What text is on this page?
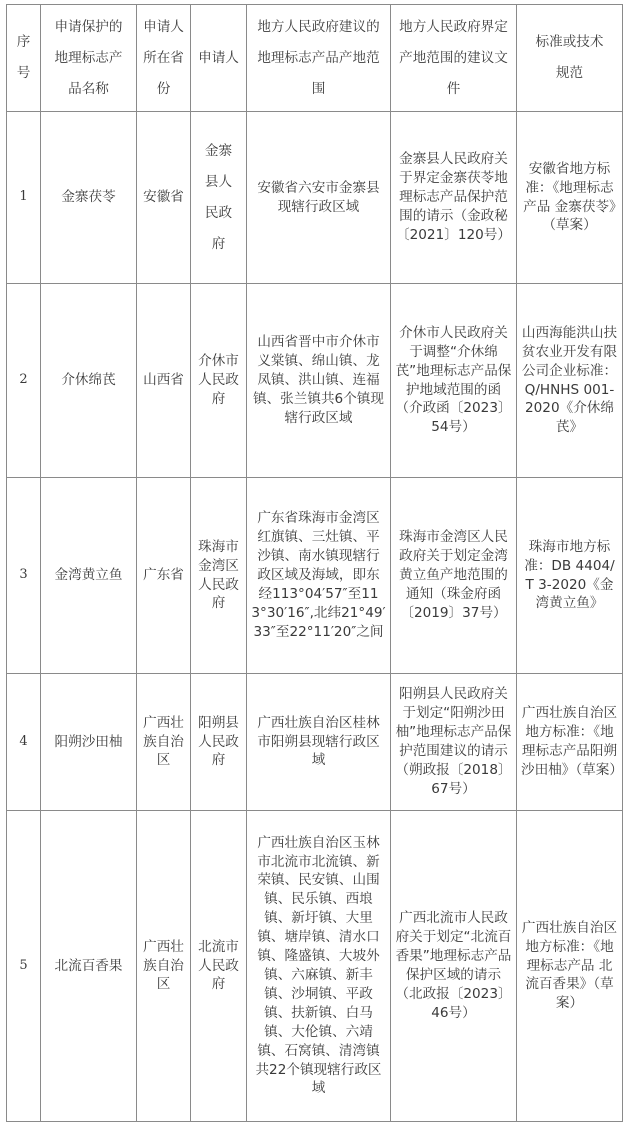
序号	申请保护的地理标志产品名称	申请人所在省份	申请人	地方人民政府建议的地理标志产品产地范围	地方人民政府界定产地范围的建议文件	标准或技术规范
1	金寨茯苓	安徽省	金寨县人民政府	安徽省六安市金寨县现辖行政区域	金寨县人民政府关于界定金寨茯苓地理标志产品保护范围的请示（金政秘〔2021〕120号）	安徽省地方标准：《地理标志产品 金寨茯苓》（草案）
2	介休绵芪	山西省	介休市人民政府	山西省晋中市介休市义棠镇、绵山镇、龙凤镇、洪山镇、连福镇、张兰镇共6个镇现辖行政区域	介休市人民政府关于调整“介休绵芪”地理标志产品保护地域范围的函（介政函〔2023〕54号）	山西海能洪山扶贫农业开发有限公司企业标准：Q/HNHS 001-2020《介休绵芪》
3	金湾黄立鱼	广东省	珠海市金湾区人民政府	广东省珠海市金湾区红旗镇、三灶镇、平沙镇、南水镇现辖行政区域及海域，即东经113°04′57″至113°30′16″,北纬21°49′33″至22°11′20″之间	珠海市金湾区人民政府关于划定金湾黄立鱼产地范围的通知（珠金府函〔2019〕37号）	珠海市地方标准：DB 4404/T 3-2020《金湾黄立鱼》
4	阳朔沙田柚	广西壮族自治区	阳朔县人民政府	广西壮族自治区桂林市阳朔县现辖行政区域	阳朔县人民政府关于划定“阳朔沙田柚”地理标志产品保护范围建议的请示（朔政报〔2018〕67号）	广西壮族自治区地方标准：《地理标志产品阳朔沙田柚》（草案）
5	北流百香果	广西壮族自治区	北流市人民政府	广西壮族自治区玉林市北流市北流镇、新荣镇、民安镇、山围镇、民乐镇、西埌镇、新圩镇、大里镇、塘岸镇、清水口镇、隆盛镇、大坡外镇、六麻镇、新丰镇、沙垌镇、平政镇、扶新镇、白马镇、大伦镇、六靖镇、石窝镇、清湾镇共22个镇现辖行政区域	广西北流市人民政府关于划定“北流百香果”地理标志产品保护区域的请示（北政报〔2023〕46号）	广西壮族自治区地方标准：《地理标志产品 北流百香果》（草案）
